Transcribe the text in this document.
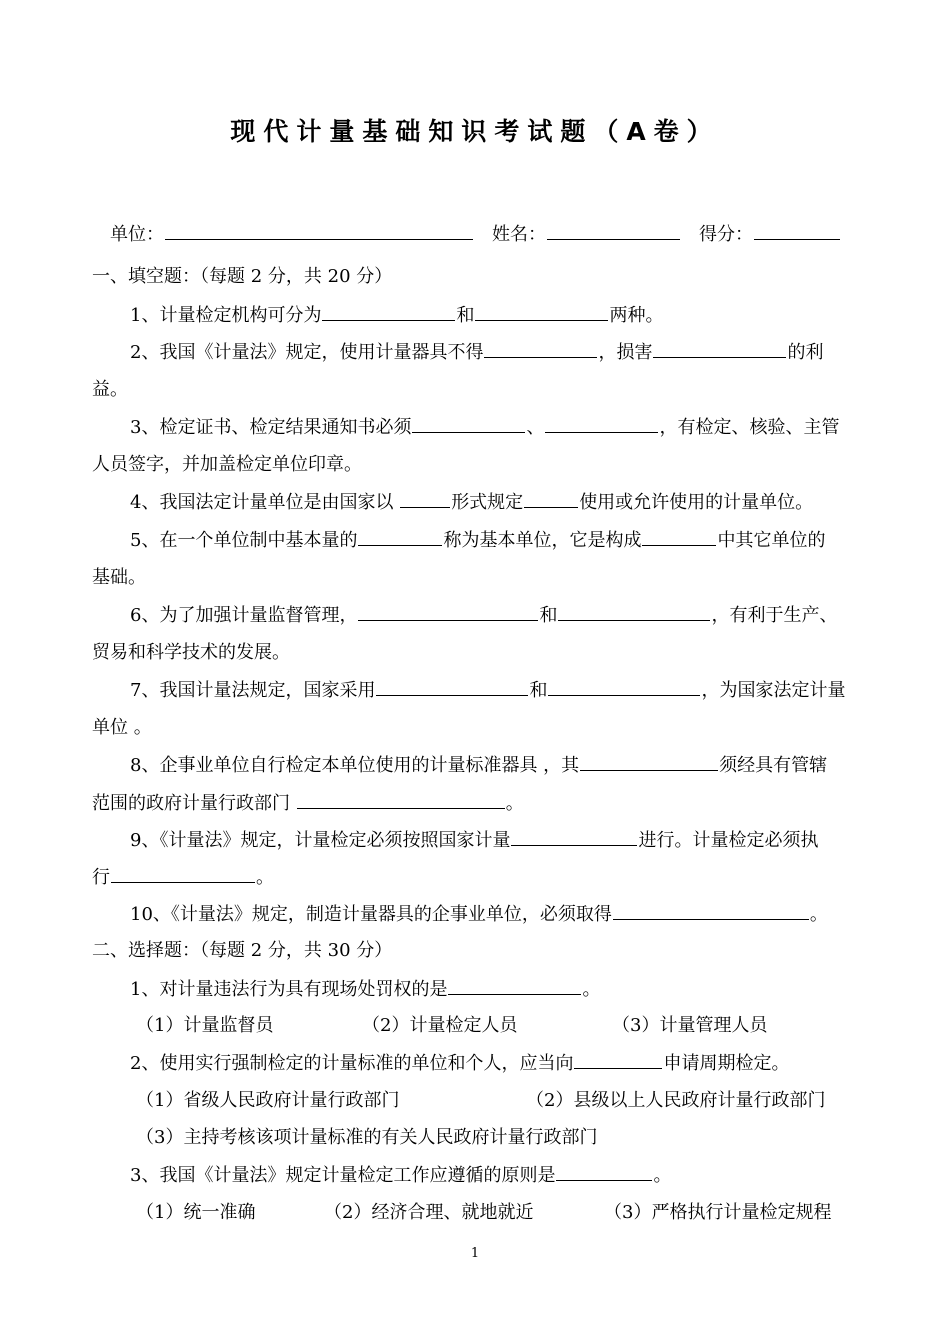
现代计量基础知识考试题（A卷）
单位：	姓名：	得分：
一、填空题：（每题 2 分，共 20 分）
1、计量检定机构可分为	和	两种。
2、我国《计量法》规定，使用计量器具不得	，损害	的利
益。
3、检定证书、检定结果通知书必须	、	，有检定、核验、主管
人员签字，并加盖检定单位印章。
4、我国法定计量单位是由国家以	形式规定	使用或允许使用的计量单位。
5、在一个单位制中基本量的	称为基本单位，它是构成	中其它单位的
基础。
6、为了加强计量监督管理，	和	，有利于生产、
贸易和科学技术的发展。
7、我国计量法规定，国家采用	和	，为国家法定计量
单位 。
8、企事业单位自行检定本单位使用的计量标准器具 ，其	须经具有管辖
范围的政府计量行政部门	。
9、《计量法》规定，计量检定必须按照国家计量	进行。计量检定必须执
行	。
10、《计量法》规定，制造计量器具的企事业单位，必须取得	。
二、选择题：（每题 2 分，共 30 分）
1、对计量违法行为具有现场处罚权的是	。
（1）计量监督员	（2）计量检定人员	（3）计量管理人员
2、使用实行强制检定的计量标准的单位和个人，应当向	申请周期检定。
（1）省级人民政府计量行政部门	（2）县级以上人民政府计量行政部门
（3）主持考核该项计量标准的有关人民政府计量行政部门
3、我国《计量法》规定计量检定工作应遵循的原则是	。
（1）统一准确	（2）经济合理、就地就近	（3）严格执行计量检定规程
1
